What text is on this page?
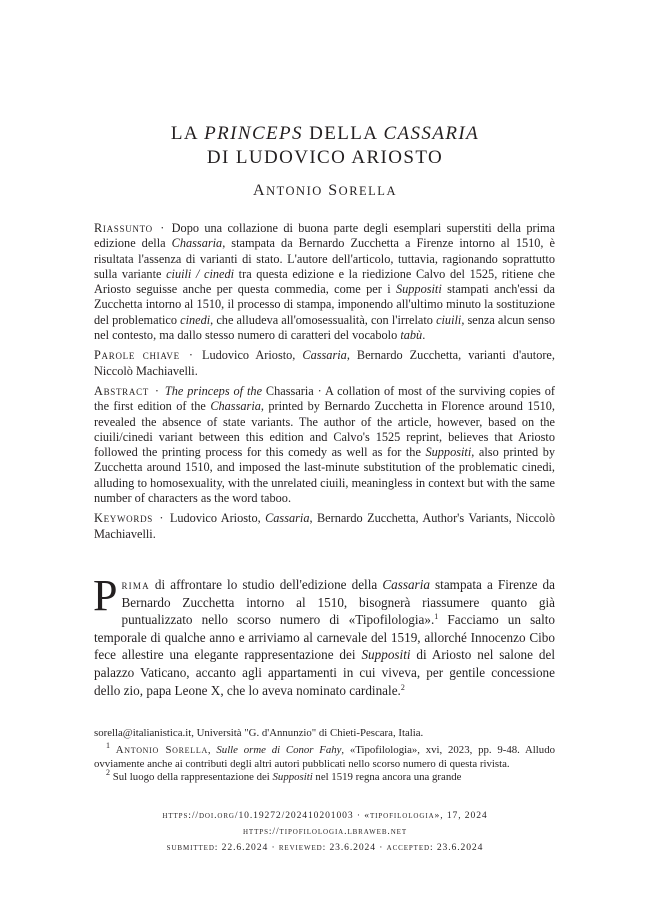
LA PRINCEPS DELLA CASSARIA
DI LUDOVICO ARIOSTO
ANTONIO SORELLA

Riassunto · Dopo una collazione di buona parte degli esemplari superstiti della prima edizione della Chassaria, stampata da Bernardo Zucchetta a Firenze intorno al 1510, è risultata l'assenza di varianti di stato. L'autore dell'articolo, tuttavia, ragionando soprattutto sulla variante ciuili / cinedi tra questa edizione e la riedizione Calvo del 1525, ritiene che Ariosto seguisse anche per questa commedia, come per i Suppositi stampati anch'essi da Zucchetta intorno al 1510, il processo di stampa, imponendo all'ultimo minuto la sostituzione del problematico cinedi, che alludeva all'omosessualità, con l'irrelato ciuili, senza alcun senso nel contesto, ma dallo stesso numero di caratteri del vocabolo tabù.

Parole chiave · Ludovico Ariosto, Cassaria, Bernardo Zucchetta, varianti d'autore, Niccolò Machiavelli.

Abstract · The princeps of the Chassaria · A collation of most of the surviving copies of the first edition of the Chassaria, printed by Bernardo Zucchetta in Florence around 1510, revealed the absence of state variants. The author of the article, however, based on the ciuili/cinedi variant between this edition and Calvo's 1525 reprint, believes that Ariosto followed the printing process for this comedy as well as for the Suppositi, also printed by Zucchetta around 1510, and imposed the last-minute substitution of the problematic cinedi, alluding to homosexuality, with the unrelated ciuili, meaningless in context but with the same number of characters as the word taboo.

Keywords · Ludovico Ariosto, Cassaria, Bernardo Zucchetta, Author's Variants, Niccolò Machiavelli.

Prima di affrontare lo studio dell'edizione della Cassaria stampata a Firenze da Bernardo Zucchetta intorno al 1510, bisognerà riassumere quanto già puntualizzato nello scorso numero di «Tipofilologia».$^1$ Facciamo un salto temporale di qualche anno e arriviamo al carnevale del 1519, allorché Innocenzo Cibo fece allestire una elegante rappresentazione dei Suppositi di Ariosto nel salone del palazzo Vaticano, accanto agli appartamenti in cui viveva, per gentile concessione dello zio, papa Leone X, che lo aveva nominato cardinale.$^2$

sorella@italianistica.it, Università "G. d'Annunzio" di Chieti-Pescara, Italia.

$^1$ Antonio Sorella, Sulle orme di Conor Fahy, «Tipofilologia», xvi, 2023, pp. 9-48. Alludo ovviamente anche ai contributi degli altri autori pubblicati nello scorso numero di questa rivista.

$^2$ Sul luogo della rappresentazione dei Suppositi nel 1519 regna ancora una grande

https://doi.org/10.19272/202410201003 · «tipofilologia», 17, 2024
https://tipofilologia.lbraweb.net
submitted: 22.6.2024 · reviewed: 23.6.2024 · accepted: 23.6.2024
